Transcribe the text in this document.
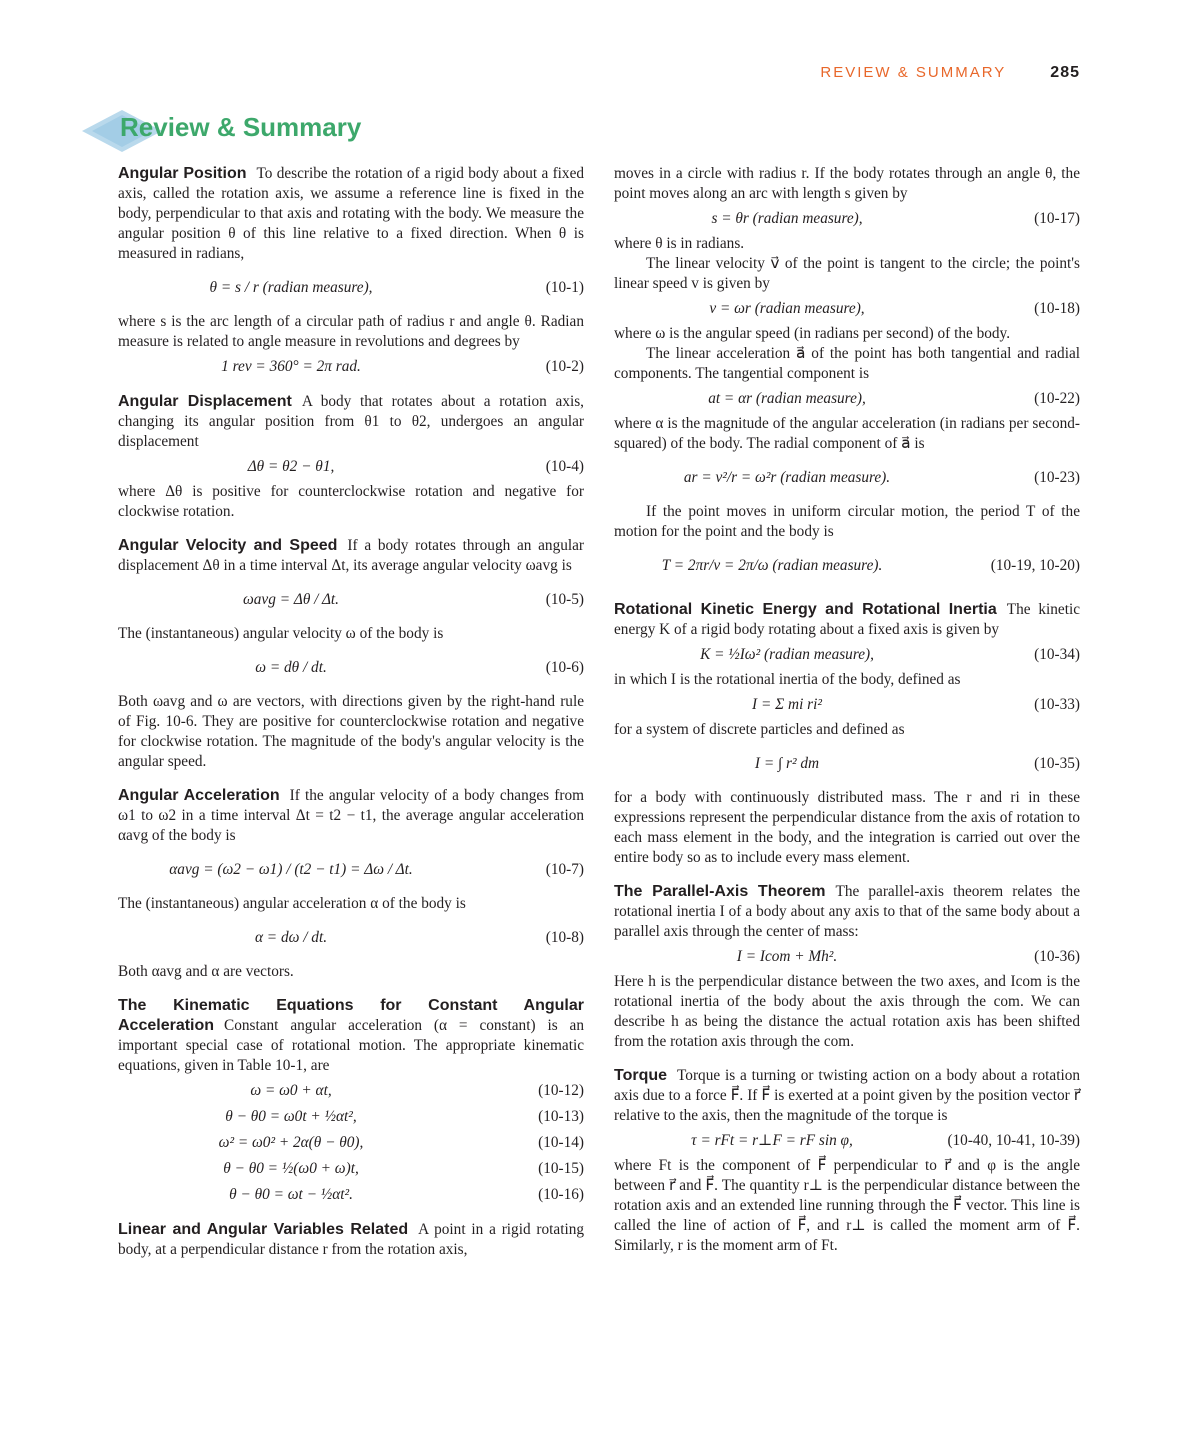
REVIEW & SUMMARY	285
Review & Summary

Angular Position To describe the rotation of a rigid body about a fixed axis, called the rotation axis, we assume a reference line is fixed in the body, perpendicular to that axis and rotating with the body. We measure the angular position θ of this line relative to a fixed direction. When θ is measured in radians,

θ = s / r (radian measure),	(10-1)

where s is the arc length of a circular path of radius r and angle θ. Radian measure is related to angle measure in revolutions and degrees by

1 rev = 360° = 2π rad.	(10-2)

Angular Displacement A body that rotates about a rotation axis, changing its angular position from θ1 to θ2, undergoes an angular displacement

Δθ = θ2 − θ1,	(10-4)

where Δθ is positive for counterclockwise rotation and negative for clockwise rotation.

Angular Velocity and Speed If a body rotates through an angular displacement Δθ in a time interval Δt, its average angular velocity ωavg is

ωavg = Δθ / Δt.	(10-5)

The (instantaneous) angular velocity ω of the body is

ω = dθ / dt.	(10-6)

Both ωavg and ω are vectors, with directions given by the right-hand rule of Fig. 10-6. They are positive for counterclockwise rotation and negative for clockwise rotation. The magnitude of the body's angular velocity is the angular speed.

Angular Acceleration If the angular velocity of a body changes from ω1 to ω2 in a time interval Δt = t2 − t1, the average angular acceleration αavg of the body is

αavg = (ω2 − ω1) / (t2 − t1) = Δω / Δt.	(10-7)

The (instantaneous) angular acceleration α of the body is

α = dω / dt.	(10-8)

Both αavg and α are vectors.

The Kinematic Equations for Constant Angular Acceleration Constant angular acceleration (α = constant) is an important special case of rotational motion. The appropriate kinematic equations, given in Table 10-1, are

ω = ω0 + αt,	(10-12)
θ − θ0 = ω0t + ½αt²,	(10-13)
ω² = ω0² + 2α(θ − θ0),	(10-14)
θ − θ0 = ½(ω0 + ω)t,	(10-15)
θ − θ0 = ωt − ½αt².	(10-16)

Linear and Angular Variables Related A point in a rigid rotating body, at a perpendicular distance r from the rotation axis,

moves in a circle with radius r. If the body rotates through an angle θ, the point moves along an arc with length s given by

s = θr (radian measure),	(10-17)

where θ is in radians.

The linear velocity v⃗ of the point is tangent to the circle; the point's linear speed v is given by

v = ωr (radian measure),	(10-18)

where ω is the angular speed (in radians per second) of the body.

The linear acceleration a⃗ of the point has both tangential and radial components. The tangential component is

at = αr (radian measure),	(10-22)

where α is the magnitude of the angular acceleration (in radians per second-squared) of the body. The radial component of a⃗ is

ar = v²/r = ω²r (radian measure).	(10-23)

If the point moves in uniform circular motion, the period T of the motion for the point and the body is

T = 2πr/v = 2π/ω (radian measure).	(10-19, 10-20)

Rotational Kinetic Energy and Rotational Inertia The kinetic energy K of a rigid body rotating about a fixed axis is given by

K = ½Iω² (radian measure),	(10-34)

in which I is the rotational inertia of the body, defined as

I = Σ mi ri²	(10-33)

for a system of discrete particles and defined as

I = ∫ r² dm	(10-35)

for a body with continuously distributed mass. The r and ri in these expressions represent the perpendicular distance from the axis of rotation to each mass element in the body, and the integration is carried out over the entire body so as to include every mass element.

The Parallel-Axis Theorem The parallel-axis theorem relates the rotational inertia I of a body about any axis to that of the same body about a parallel axis through the center of mass:

I = Icom + Mh².	(10-36)

Here h is the perpendicular distance between the two axes, and Icom is the rotational inertia of the body about the axis through the com. We can describe h as being the distance the actual rotation axis has been shifted from the rotation axis through the com.

Torque Torque is a turning or twisting action on a body about a rotation axis due to a force F⃗. If F⃗ is exerted at a point given by the position vector r⃗ relative to the axis, then the magnitude of the torque is

τ = rFt = r⊥F = rF sin φ,	(10-40, 10-41, 10-39)

where Ft is the component of F⃗ perpendicular to r⃗ and φ is the angle between r⃗ and F⃗. The quantity r⊥ is the perpendicular distance between the rotation axis and an extended line running through the F⃗ vector. This line is called the line of action of F⃗, and r⊥ is called the moment arm of F⃗. Similarly, r is the moment arm of Ft.
